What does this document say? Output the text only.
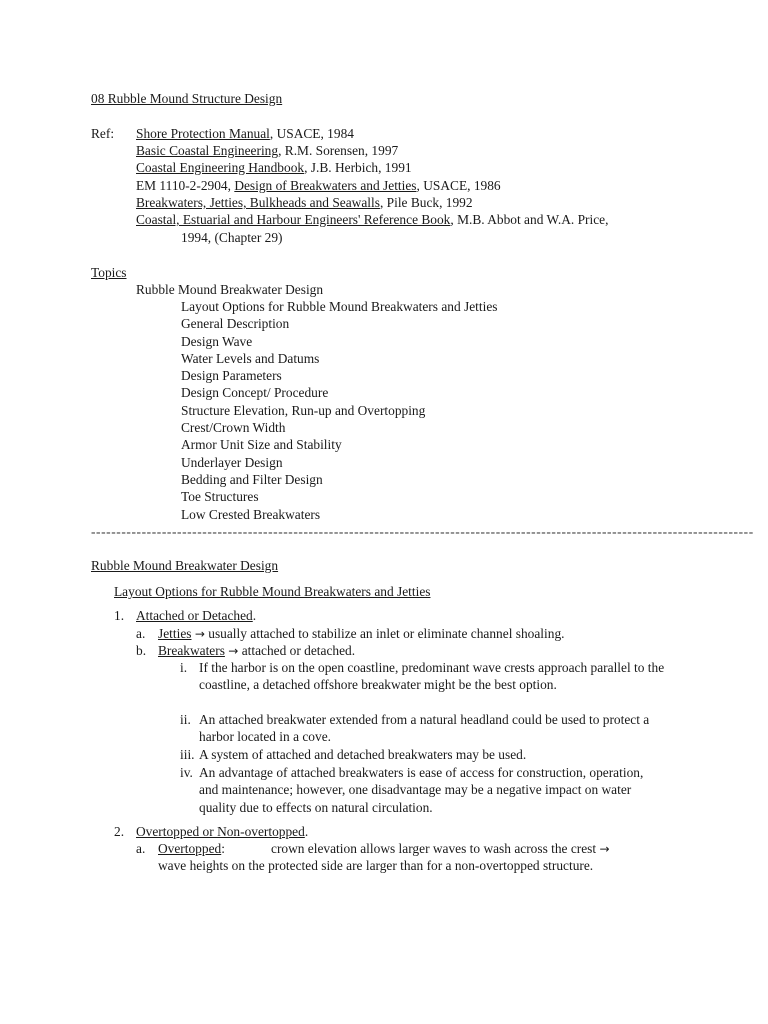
08 Rubble Mound Structure Design
Ref: Shore Protection Manual, USACE, 1984
Basic Coastal Engineering, R.M. Sorensen, 1997
Coastal Engineering Handbook, J.B. Herbich, 1991
EM 1110-2-2904, Design of Breakwaters and Jetties, USACE, 1986
Breakwaters, Jetties, Bulkheads and Seawalls, Pile Buck, 1992
Coastal, Estuarial and Harbour Engineers' Reference Book, M.B. Abbot and W.A. Price,
1994, (Chapter 29)
Topics
Rubble Mound Breakwater Design
Layout Options for Rubble Mound Breakwaters and Jetties
General Description
Design Wave
Water Levels and Datums
Design Parameters
Design Concept/ Procedure
Structure Elevation, Run-up and Overtopping
Crest/Crown Width
Armor Unit Size and Stability
Underlayer Design
Bedding and Filter Design
Toe Structures
Low Crested Breakwaters
-----------------------------------------------------------------------------------------------------------------------------------
Rubble Mound Breakwater Design
Layout Options for Rubble Mound Breakwaters and Jetties
1. Attached or Detached.
a. Jetties → usually attached to stabilize an inlet or eliminate channel shoaling.
b. Breakwaters → attached or detached.
i. If the harbor is on the open coastline, predominant wave crests approach parallel to the coastline, a detached offshore breakwater might be the best option.
ii. An attached breakwater extended from a natural headland could be used to protect a harbor located in a cove.
iii. A system of attached and detached breakwaters may be used.
iv. An advantage of attached breakwaters is ease of access for construction, operation, and maintenance; however, one disadvantage may be a negative impact on water quality due to effects on natural circulation.
2. Overtopped or Non-overtopped.
a. Overtopped:	crown elevation allows larger waves to wash across the crest →
wave heights on the protected side are larger than for a non-overtopped structure.
